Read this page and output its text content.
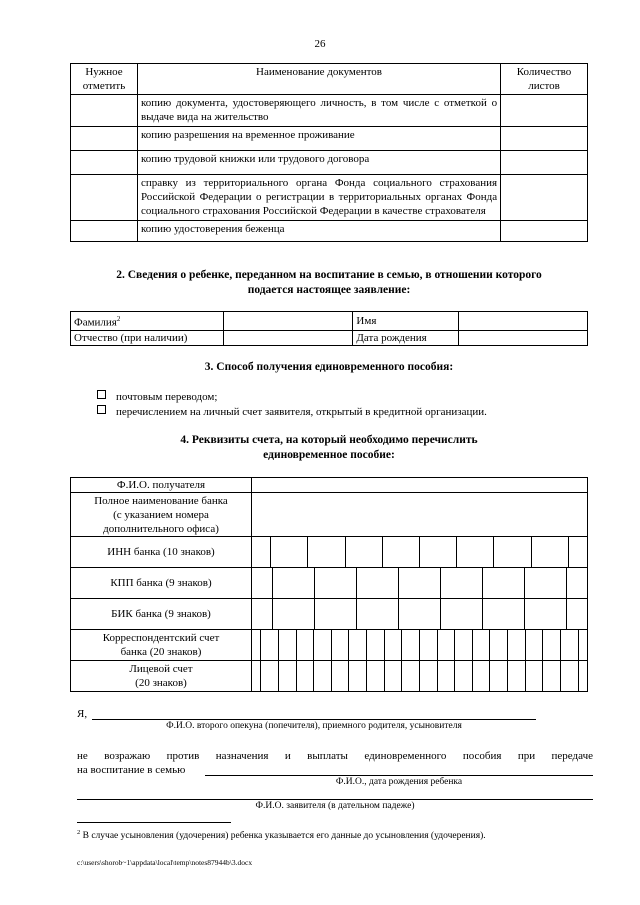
26
Нужное отметить	Наименование документов	Количество листов
	копию документа, удостоверяющего личность, в том числе с отметкой о выдаче вида на жительство	
	копию разрешения на временное проживание	
	копию трудовой книжки или трудового договора	
	справку из территориального органа Фонда социального страхования Российской Федерации о регистрации в территориальных органах Фонда социального страхования Российской Федерации в качестве страхователя	
	копию удостоверения беженца	
2. Сведения о ребенке, переданном на воспитание в семью, в отношении которого
подается настоящее заявление:
Фамилия$^2$		Имя	
Отчество (при наличии)		Дата рождения	
3. Способ получения единовременного пособия:
почтовым переводом;
перечислением на личный счет заявителя, открытый в кредитной организации.
4. Реквизиты счета, на который необходимо перечислить
единовременное пособие:
Ф.И.О. получателя	

Полное наименование банка
(с указанием номера
дополнительного офиса)

ИНН банка (10 знаков)	

КПП банка (9 знаков)	

БИК банка (9 знаков)	

Корреспондентский счет
банка (20 знаков)

Лицевой счет
(20 знаков)

Я,
Ф.И.О. второго опекуна (попечителя), приемного родителя, усыновителя
не возражаю против назначения и выплаты единовременного пособия при передаче
на воспитание в семью
Ф.И.О., дата рождения ребенка
Ф.И.О. заявителя (в дательном падеже)
$^2$ В случае усыновления (удочерения) ребенка указывается его данные до усыновления (удочерения).
c:\users\shorob~1\appdata\local\temp\notes87944b\3.docx
